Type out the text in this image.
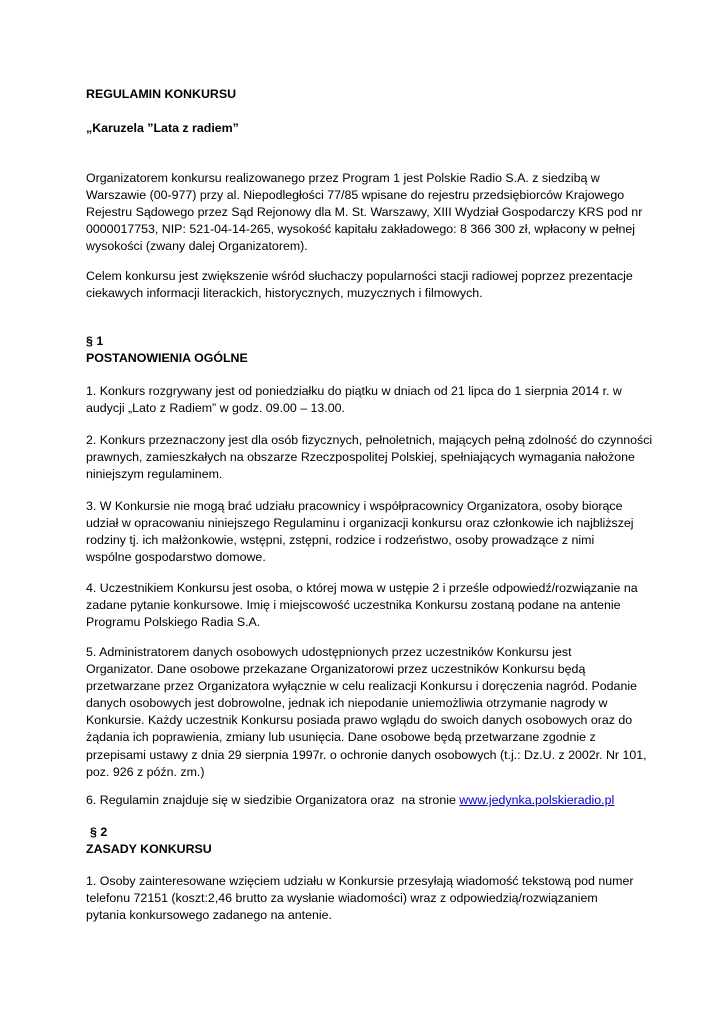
REGULAMIN KONKURSU

„Karuzela ”Lata z radiem”

Organizatorem konkursu realizowanego przez Program 1 jest Polskie Radio S.A. z siedzibą w
Warszawie (00-977) przy al. Niepodległości 77/85 wpisane do rejestru przedsiębiorców Krajowego
Rejestru Sądowego przez Sąd Rejonowy dla M. St. Warszawy, XIII Wydział Gospodarczy KRS pod nr
0000017753, NIP: 521-04-14-265, wysokość kapitału zakładowego: 8 366 300 zł, wpłacony w pełnej
wysokości (zwany dalej Organizatorem).

Celem konkursu jest zwiększenie wśród słuchaczy popularności stacji radiowej poprzez prezentacje
ciekawych informacji literackich, historycznych, muzycznych i filmowych.

§ 1
POSTANOWIENIA OGÓLNE

1. Konkurs rozgrywany jest od poniedziałku do piątku w dniach od 21 lipca do 1 sierpnia 2014 r. w
audycji „Lato z Radiem” w godz. 09.00 – 13.00.

2. Konkurs przeznaczony jest dla osób fizycznych, pełnoletnich, mających pełną zdolność do czynności
prawnych, zamieszkałych na obszarze Rzeczpospolitej Polskiej, spełniających wymagania nałożone
niniejszym regulaminem.

3. W Konkursie nie mogą brać udziału pracownicy i współpracownicy Organizatora, osoby biorące
udział w opracowaniu niniejszego Regulaminu i organizacji konkursu oraz członkowie ich najbliższej
rodziny tj. ich małżonkowie, wstępni, zstępni, rodzice i rodzeństwo, osoby prowadzące z nimi
wspólne gospodarstwo domowe.

4. Uczestnikiem Konkursu jest osoba, o której mowa w ustępie 2 i prześle odpowiedź/rozwiązanie na
zadane pytanie konkursowe. Imię i miejscowość uczestnika Konkursu zostaną podane na antenie
Programu Polskiego Radia S.A.

5. Administratorem danych osobowych udostępnionych przez uczestników Konkursu jest
Organizator. Dane osobowe przekazane Organizatorowi przez uczestników Konkursu będą
przetwarzane przez Organizatora wyłącznie w celu realizacji Konkursu i doręczenia nagród. Podanie
danych osobowych jest dobrowolne, jednak ich niepodanie uniemożliwia otrzymanie nagrody w
Konkursie. Każdy uczestnik Konkursu posiada prawo wglądu do swoich danych osobowych oraz do
żądania ich poprawienia, zmiany lub usunięcia. Dane osobowe będą przetwarzane zgodnie z
przepisami ustawy z dnia 29 sierpnia 1997r. o ochronie danych osobowych (t.j.: Dz.U. z 2002r. Nr 101,
poz. 926 z późn. zm.)

6. Regulamin znajduje się w siedzibie Organizatora oraz  na stronie www.jedynka.polskieradio.pl

§ 2
ZASADY KONKURSU

1. Osoby zainteresowane wzięciem udziału w Konkursie przesyłają wiadomość tekstową pod numer
telefonu 72151 (koszt:2,46 brutto za wysłanie wiadomości) wraz z odpowiedzią/rozwiązaniem
pytania konkursowego zadanego na antenie.
